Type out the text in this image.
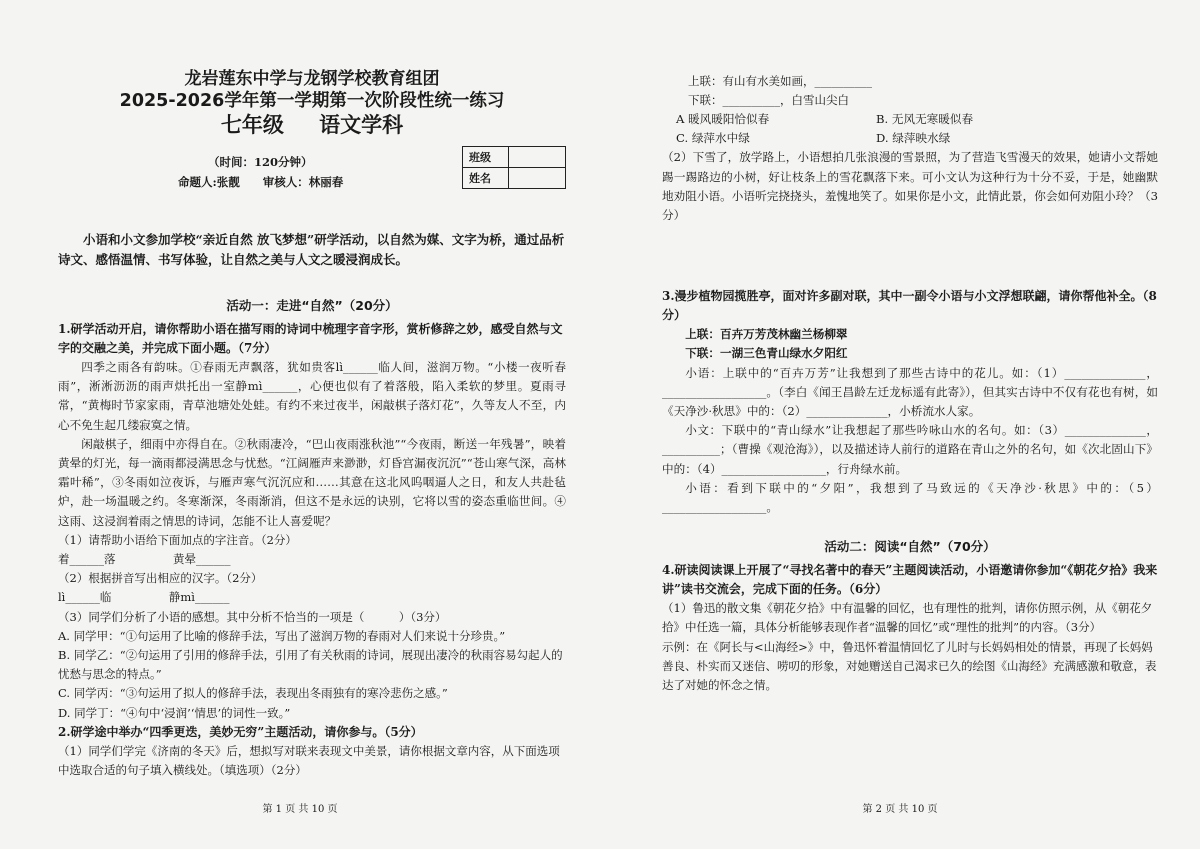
龙岩莲东中学与龙钢学校教育组团
2025-2026学年第一学期第一次阶段性统一练习
七年级 语文学科
（时间：120分钟）
命题人:张靓　　审核人：林丽春
班级	
姓名	

小语和小文参加学校“亲近自然 放飞梦想”研学活动，以自然为媒、文字为桥，通过品析诗文、感悟温情、书写体验，让自然之美与人文之暖浸润成长。

活动一：走进“自然”（20分）

1.研学活动开启，请你帮助小语在描写雨的诗词中梳理字音字形，赏析修辞之妙，感受自然与文字的交融之美，并完成下面小题。（7分）

四季之雨各有韵味。①春雨无声飘落，犹如贵客lì______临人间，滋润万物。“小楼一夜听春雨”，淅淅沥沥的雨声烘托出一室静mì______，心便也似有了着落般，陷入柔软的梦里。夏雨寻常，“黄梅时节家家雨，青草池塘处处蛙。有约不来过夜半，闲敲棋子落灯花”，久等友人不至，内心不免生起几缕寂寞之情。

闲敲棋子，细雨中亦得自在。②秋雨凄冷，“巴山夜雨涨秋池”“今夜雨，断送一年残暑”，映着黄晕的灯光，每一滴雨都浸满思念与忧愁。“江阔雁声来渺渺，灯昏宫漏夜沉沉”“苍山寒气深，高林霜叶稀”，③冬雨如泣夜诉，与雁声寒气沉沉应和……其意在这北风呜咽逼人之日，和友人共赴毡炉，赴一场温暖之约。冬寒渐深，冬雨渐消，但这不是永远的诀别，它将以雪的姿态重临世间。④这雨、这浸润着雨之情思的诗词，怎能不让人喜爱呢？

（1）请帮助小语给下面加点的字注音。（2分）

着______落　　　　　黄晕______

（2）根据拼音写出相应的汉字。（2分）

lì______临　　　　　静mì______

（3）同学们分析了小语的感想。其中分析不恰当的一项是（　　　）（3分）

A. 同学甲：“①句运用了比喻的修辞手法，写出了滋润万物的春雨对人们来说十分珍贵。”

B. 同学乙：“②句运用了引用的修辞手法，引用了有关秋雨的诗词，展现出凄冷的秋雨容易勾起人的忧愁与思念的特点。”

C. 同学丙：“③句运用了拟人的修辞手法，表现出冬雨独有的寒冷悲伤之感。”

D. 同学丁：“④句中‘浸润’‘情思’的词性一致。”

2.研学途中举办“四季更迭，美妙无穷”主题活动，请你参与。（5分）

（1）同学们学完《济南的冬天》后，想拟写对联来表现文中美景，请你根据文章内容，从下面选项中选取合适的句子填入横线处。（填选项）（2分）

第 1 页 共 10 页

上联：有山有水美如画，__________

下联：__________，白雪山尖白

A 暖风暖阳恰似春	B. 无风无寒暖似春
C. 绿萍水中绿	D. 绿萍映水绿

（2）下雪了，放学路上，小语想拍几张浪漫的雪景照，为了营造飞雪漫天的效果，她请小文帮她踢一踢路边的小树，好让枝条上的雪花飘落下来。可小文认为这种行为十分不妥，于是，她幽默地劝阻小语。小语听完挠挠头，羞愧地笑了。如果你是小文，此情此景，你会如何劝阻小玲？（3分）

3.漫步植物园揽胜亭，面对许多副对联，其中一副令小语与小文浮想联翩，请你帮他补全。（8分）

上联：百卉万芳茂林幽兰杨柳翠

下联：一湖三色青山绿水夕阳红

小语：上联中的“百卉万芳”让我想到了那些古诗中的花儿。如：（1）______________，__________________。（李白《闻王昌龄左迁龙标遥有此寄》），但其实古诗中不仅有花也有树，如《天净沙·秋思》中的：（2）______________，小桥流水人家。

小文：下联中的“青山绿水”让我想起了那些吟咏山水的名句。如：（3）______________，__________；（曹操《观沧海》），以及描述诗人前行的道路在青山之外的名句，如《次北固山下》中的：（4）__________________，行舟绿水前。

小语：看到下联中的“夕阳”，我想到了马致远的《天净沙·秋思》中的：（5）__________________。

活动二：阅读“自然”（70分）

4.研读阅读课上开展了“寻找名著中的春天”主题阅读活动，小语邀请你参加“《朝花夕拾》我来讲”读书交流会，完成下面的任务。（6分）

（1）鲁迅的散文集《朝花夕拾》中有温馨的回忆，也有理性的批判，请你仿照示例，从《朝花夕拾》中任选一篇，具体分析能够表现作者“温馨的回忆”或“理性的批判”的内容。（3分）

示例：在《阿长与<山海经>》中，鲁迅怀着温情回忆了儿时与长妈妈相处的情景，再现了长妈妈善良、朴实而又迷信、唠叨的形象，对她赠送自己渴求已久的绘图《山海经》充满感激和敬意，表达了对她的怀念之情。

第 2 页 共 10 页
